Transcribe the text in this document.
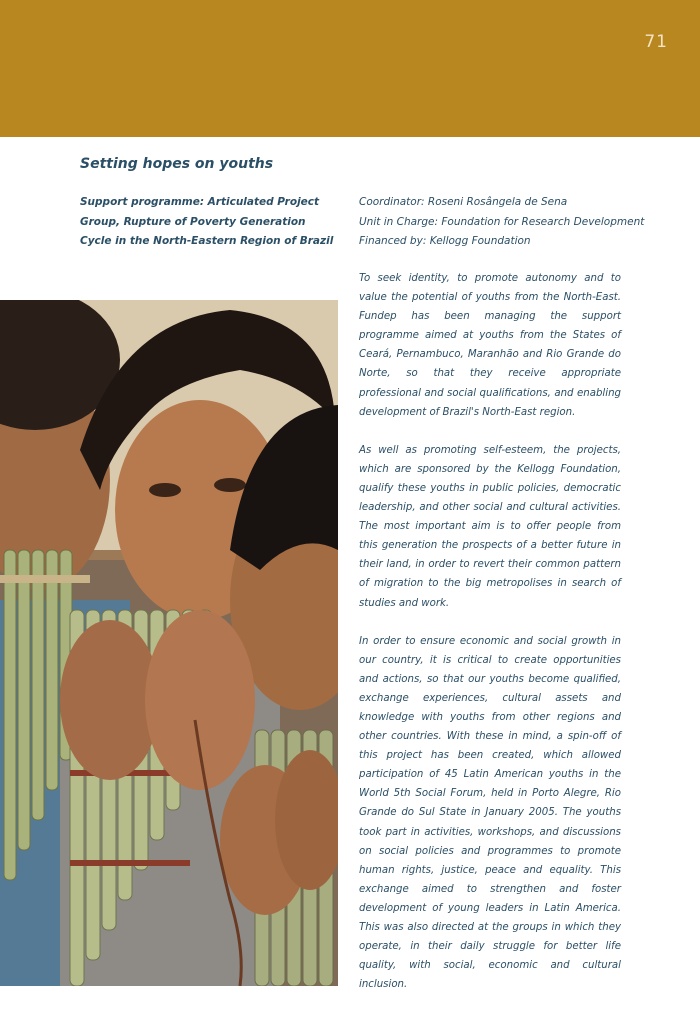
71
Setting hopes on youths
Support programme: Articulated Project Group, Rupture of Poverty Generation Cycle in the North-Eastern Region of Brazil
Coordinator: Roseni Rosângela de Sena
Unit in Charge: Foundation for Research Development
Financed by: Kellogg Foundation

To seek identity, to promote autonomy and to value the potential of youths from the North-East. Fundep has been managing the support programme aimed at youths from the States of Ceará, Pernambuco, Maranhão and Rio Grande do Norte, so that they receive appropriate professional and social qualifications, and enabling development of Brazil's North-East region.

As well as promoting self-esteem, the projects, which are sponsored by the Kellogg Foundation, qualify these youths in public policies, democratic leadership, and other social and cultural activities. The most important aim is to offer people from this generation the prospects of a better future in their land, in order to revert their common pattern of migration to the big metropolises in search of studies and work.

In order to ensure economic and social growth in our country, it is critical to create opportunities and actions, so that our youths become qualified, exchange experiences, cultural assets and knowledge with youths from other regions and other countries. With these in mind, a spin-off of this project has been created, which allowed participation of 45 Latin American youths in the World 5th Social Forum, held in Porto Alegre, Rio Grande do Sul State in January 2005. The youths took part in activities, workshops, and discussions on social policies and programmes to promote human rights, justice, peace and equality. This exchange aimed to strengthen and foster development of young leaders in Latin America. This was also directed at the groups in which they operate, in their daily struggle for better life quality, with social, economic and cultural inclusion.
